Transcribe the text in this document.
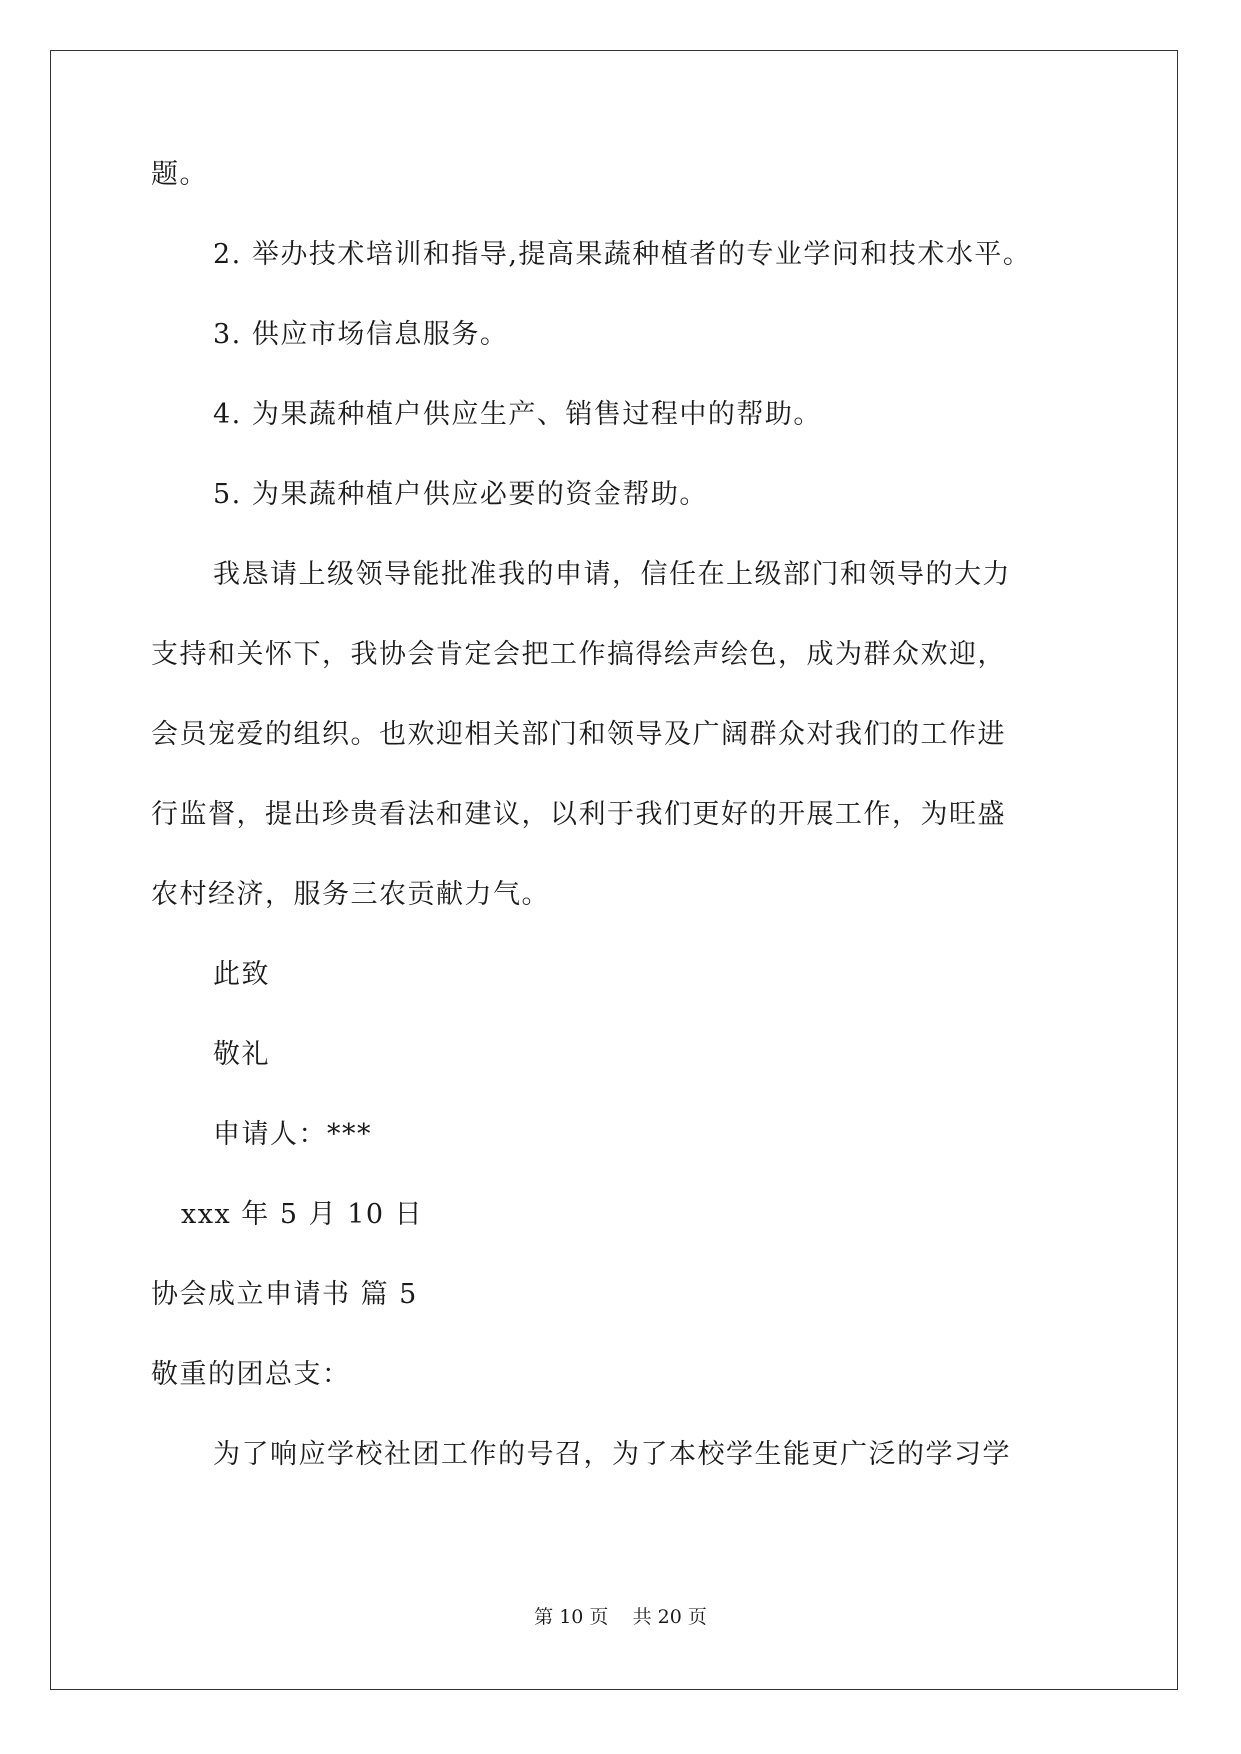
题。
2. 举办技术培训和指导,提高果蔬种植者的专业学问和技术水平。
3. 供应市场信息服务。
4. 为果蔬种植户供应生产、销售过程中的帮助。
5. 为果蔬种植户供应必要的资金帮助。
我恳请上级领导能批准我的申请，信任在上级部门和领导的大力
支持和关怀下，我协会肯定会把工作搞得绘声绘色，成为群众欢迎，
会员宠爱的组织。也欢迎相关部门和领导及广阔群众对我们的工作进
行监督，提出珍贵看法和建议，以利于我们更好的开展工作，为旺盛
农村经济，服务三农贡献力气。
此致
敬礼
申请人：***
xxx 年 5 月 10 日
协会成立申请书 篇 5
敬重的团总支：
为了响应学校社团工作的号召，为了本校学生能更广泛的学习学
第 10 页    共 20 页
